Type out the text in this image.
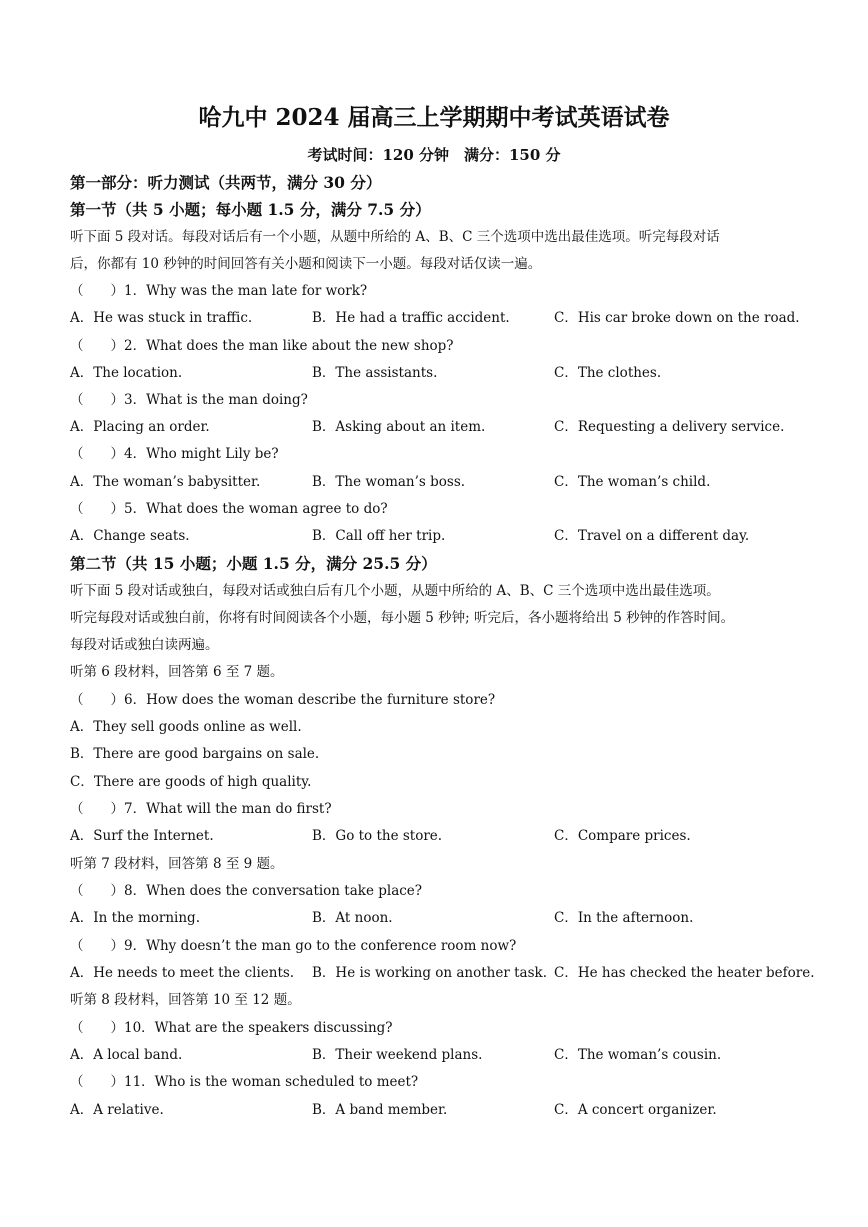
哈九中 2024 届高三上学期期中考试英语试卷
考试时间：120 分钟　满分：150 分
第一部分：听力测试（共两节，满分 30 分）
第一节（共 5 小题；每小题 1.5 分，满分 7.5 分）
听下面 5 段对话。每段对话后有一个小题，从题中所给的 A、B、C 三个选项中选出最佳选项。听完每段对话
后，你都有 10 秒钟的时间回答有关小题和阅读下一小题。每段对话仅读一遍。
（　　）1．Why was the man late for work?
A．He was stuck in traffic.	B．He had a traffic accident.	C．His car broke down on the road.
（　　）2．What does the man like about the new shop?
A．The location.	B．The assistants.	C．The clothes.
（　　）3．What is the man doing?
A．Placing an order.	B．Asking about an item.	C．Requesting a delivery service.
（　　）4．Who might Lily be?
A．The woman’s babysitter.	B．The woman’s boss.	C．The woman’s child.
（　　）5．What does the woman agree to do?
A．Change seats.	B．Call off her trip.	C．Travel on a different day.
第二节（共 15 小题；小题 1.5 分，满分 25.5 分）
听下面 5 段对话或独白，每段对话或独白后有几个小题，从题中所给的 A、B、C 三个选项中选出最佳选项。
听完每段对话或独白前，你将有时间阅读各个小题，每小题 5 秒钟; 听完后，各小题将给出 5 秒钟的作答时间。
每段对话或独白读两遍。
听第 6 段材料，回答第 6 至 7 题。
（　　）6．How does the woman describe the furniture store?
A．They sell goods online as well.
B．There are good bargains on sale.
C．There are goods of high quality.
（　　）7．What will the man do first?
A．Surf the Internet.	B．Go to the store.	C．Compare prices.
听第 7 段材料，回答第 8 至 9 题。
（　　）8．When does the conversation take place?
A．In the morning.	B．At noon.	C．In the afternoon.
（　　）9．Why doesn’t the man go to the conference room now?
A．He needs to meet the clients. B．He is working on another task. C．He has checked the heater before.
听第 8 段材料，回答第 10 至 12 题。
（　　）10．What are the speakers discussing?
A．A local band.	B．Their weekend plans.	C．The woman’s cousin.
（　　）11．Who is the woman scheduled to meet?
A．A relative.	B．A band member.	C．A concert organizer.
